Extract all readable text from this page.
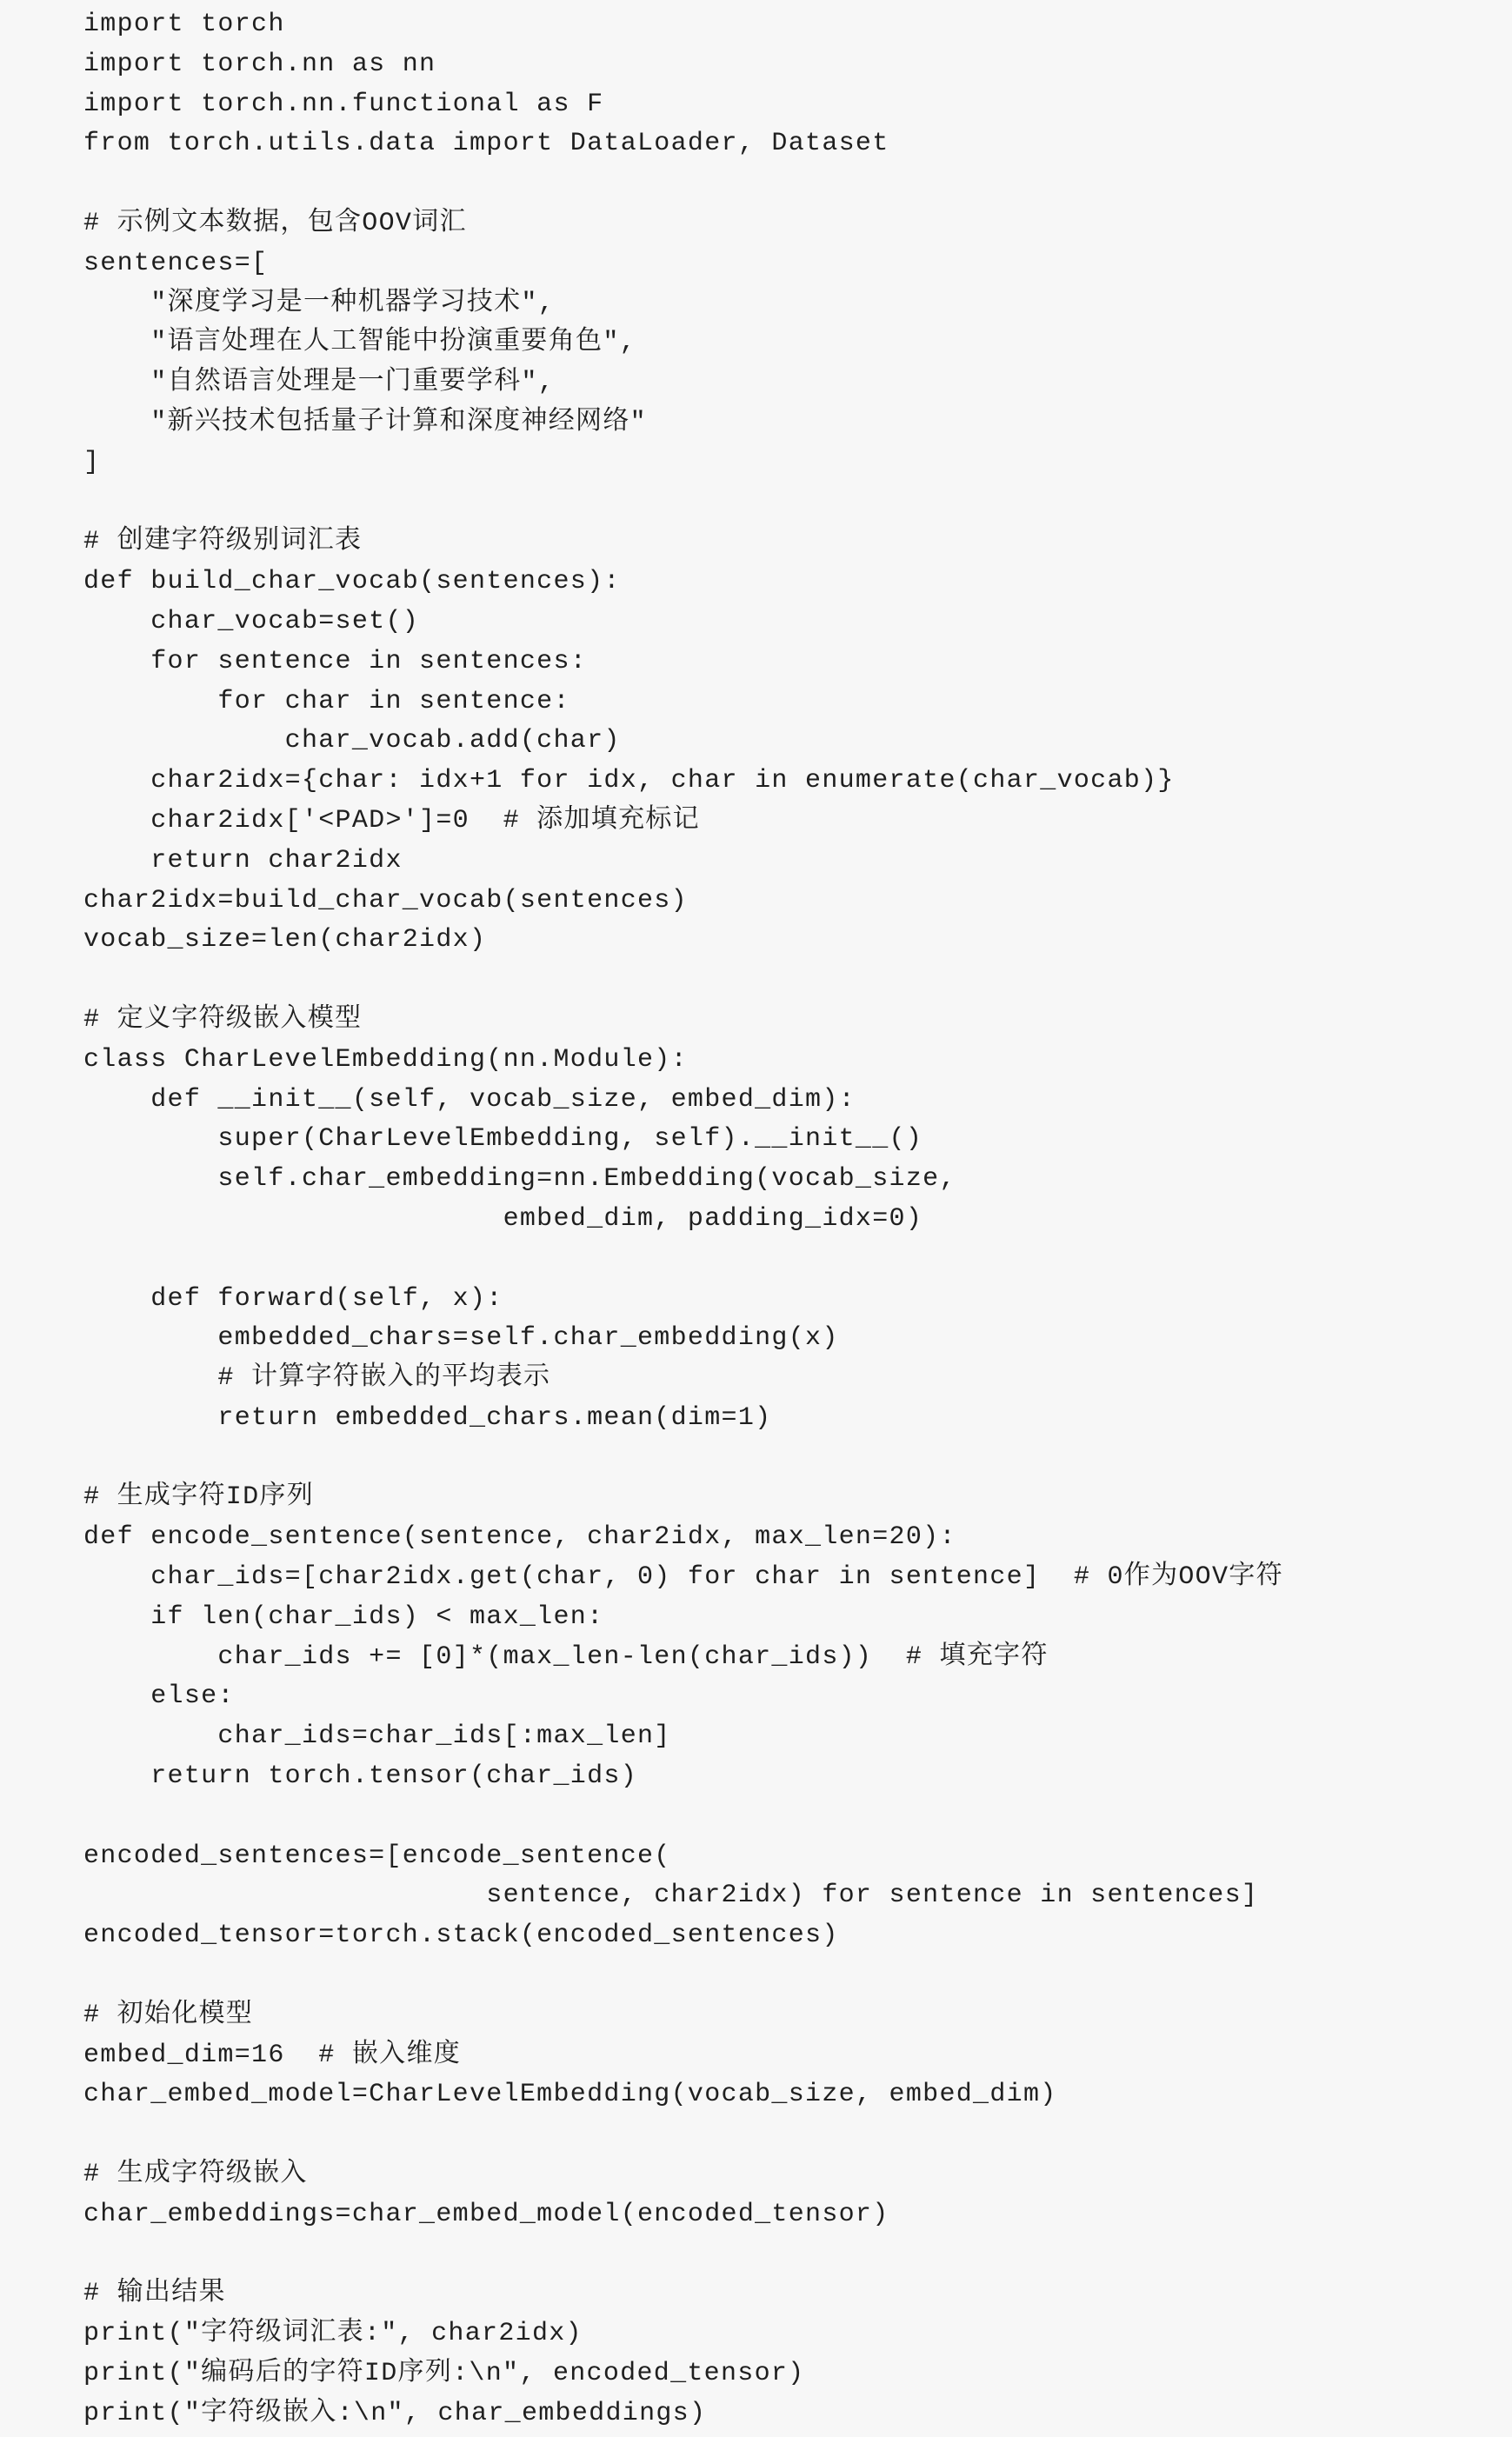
import torch
import torch.nn as nn
import torch.nn.functional as F
from torch.utils.data import DataLoader, Dataset
# 示例文本数据，包含OOV词汇
sentences=[
"深度学习是一种机器学习技术",
"语言处理在人工智能中扮演重要角色",
"自然语言处理是一门重要学科",
"新兴技术包括量子计算和深度神经网络"
]
# 创建字符级别词汇表
def build_char_vocab(sentences):
char_vocab=set()
for sentence in sentences:
for char in sentence:
char_vocab.add(char)
char2idx={char: idx+1 for idx, char in enumerate(char_vocab)}
char2idx['<PAD>']=0  # 添加填充标记
return char2idx
char2idx=build_char_vocab(sentences)
vocab_size=len(char2idx)
# 定义字符级嵌入模型
class CharLevelEmbedding(nn.Module):
def __init__(self, vocab_size, embed_dim):
super(CharLevelEmbedding, self).__init__()
self.char_embedding=nn.Embedding(vocab_size,
embed_dim, padding_idx=0)
def forward(self, x):
embedded_chars=self.char_embedding(x)
# 计算字符嵌入的平均表示
return embedded_chars.mean(dim=1)
# 生成字符ID序列
def encode_sentence(sentence, char2idx, max_len=20):
char_ids=[char2idx.get(char, 0) for char in sentence]  # 0作为OOV字符
if len(char_ids) < max_len:
char_ids += [0]*(max_len-len(char_ids))  # 填充字符
else:
char_ids=char_ids[:max_len]
return torch.tensor(char_ids)
encoded_sentences=[encode_sentence(
sentence, char2idx) for sentence in sentences]
encoded_tensor=torch.stack(encoded_sentences)
# 初始化模型
embed_dim=16  # 嵌入维度
char_embed_model=CharLevelEmbedding(vocab_size, embed_dim)
# 生成字符级嵌入
char_embeddings=char_embed_model(encoded_tensor)
# 输出结果
print("字符级词汇表:", char2idx)
print("编码后的字符ID序列:\n", encoded_tensor)
print("字符级嵌入:\n", char_embeddings)
